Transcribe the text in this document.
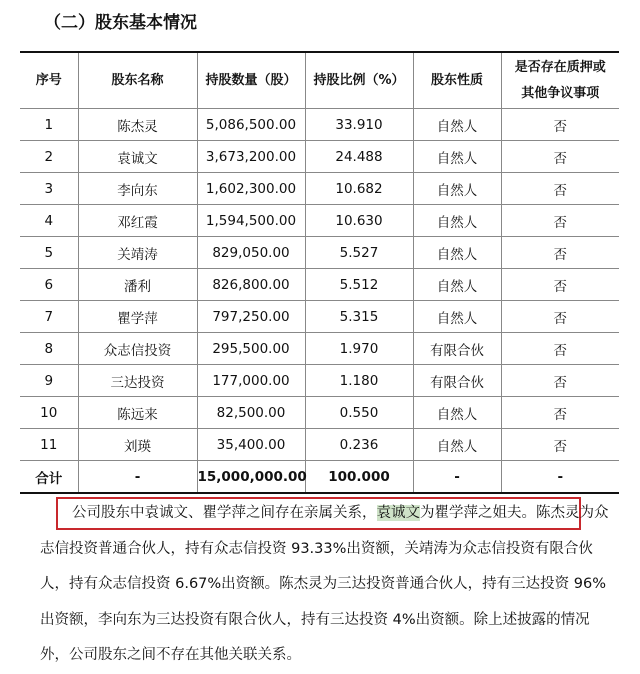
（二）股东基本情况
序号	股东名称	持股数量（股）	持股比例（%）	股东性质	是否存在质押或其他争议事项
1	陈杰灵	5,086,500.00	33.910	自然人	否
2	袁诚文	3,673,200.00	24.488	自然人	否
3	李向东	1,602,300.00	10.682	自然人	否
4	邓红霞	1,594,500.00	10.630	自然人	否
5	关靖涛	829,050.00	5.527	自然人	否
6	潘利	826,800.00	5.512	自然人	否
7	瞿学萍	797,250.00	5.315	自然人	否
8	众志信投资	295,500.00	1.970	有限合伙	否
9	三达投资	177,000.00	1.180	有限合伙	否
10	陈远来	82,500.00	0.550	自然人	否
11	刘瑛	35,400.00	0.236	自然人	否
合计	-	15,000,000.00	100.000	-	-
公司股东中袁诚文、瞿学萍之间存在亲属关系，袁诚文为瞿学萍之姐夫。陈杰灵为众志信投资普通合伙人，持有众志信投资 93.33%出资额，关靖涛为众志信投资有限合伙人，持有众志信投资 6.67%出资额。陈杰灵为三达投资普通合伙人，持有三达投资 96%出资额，李向东为三达投资有限合伙人，持有三达投资 4%出资额。除上述披露的情况外，公司股东之间不存在其他关联关系。
